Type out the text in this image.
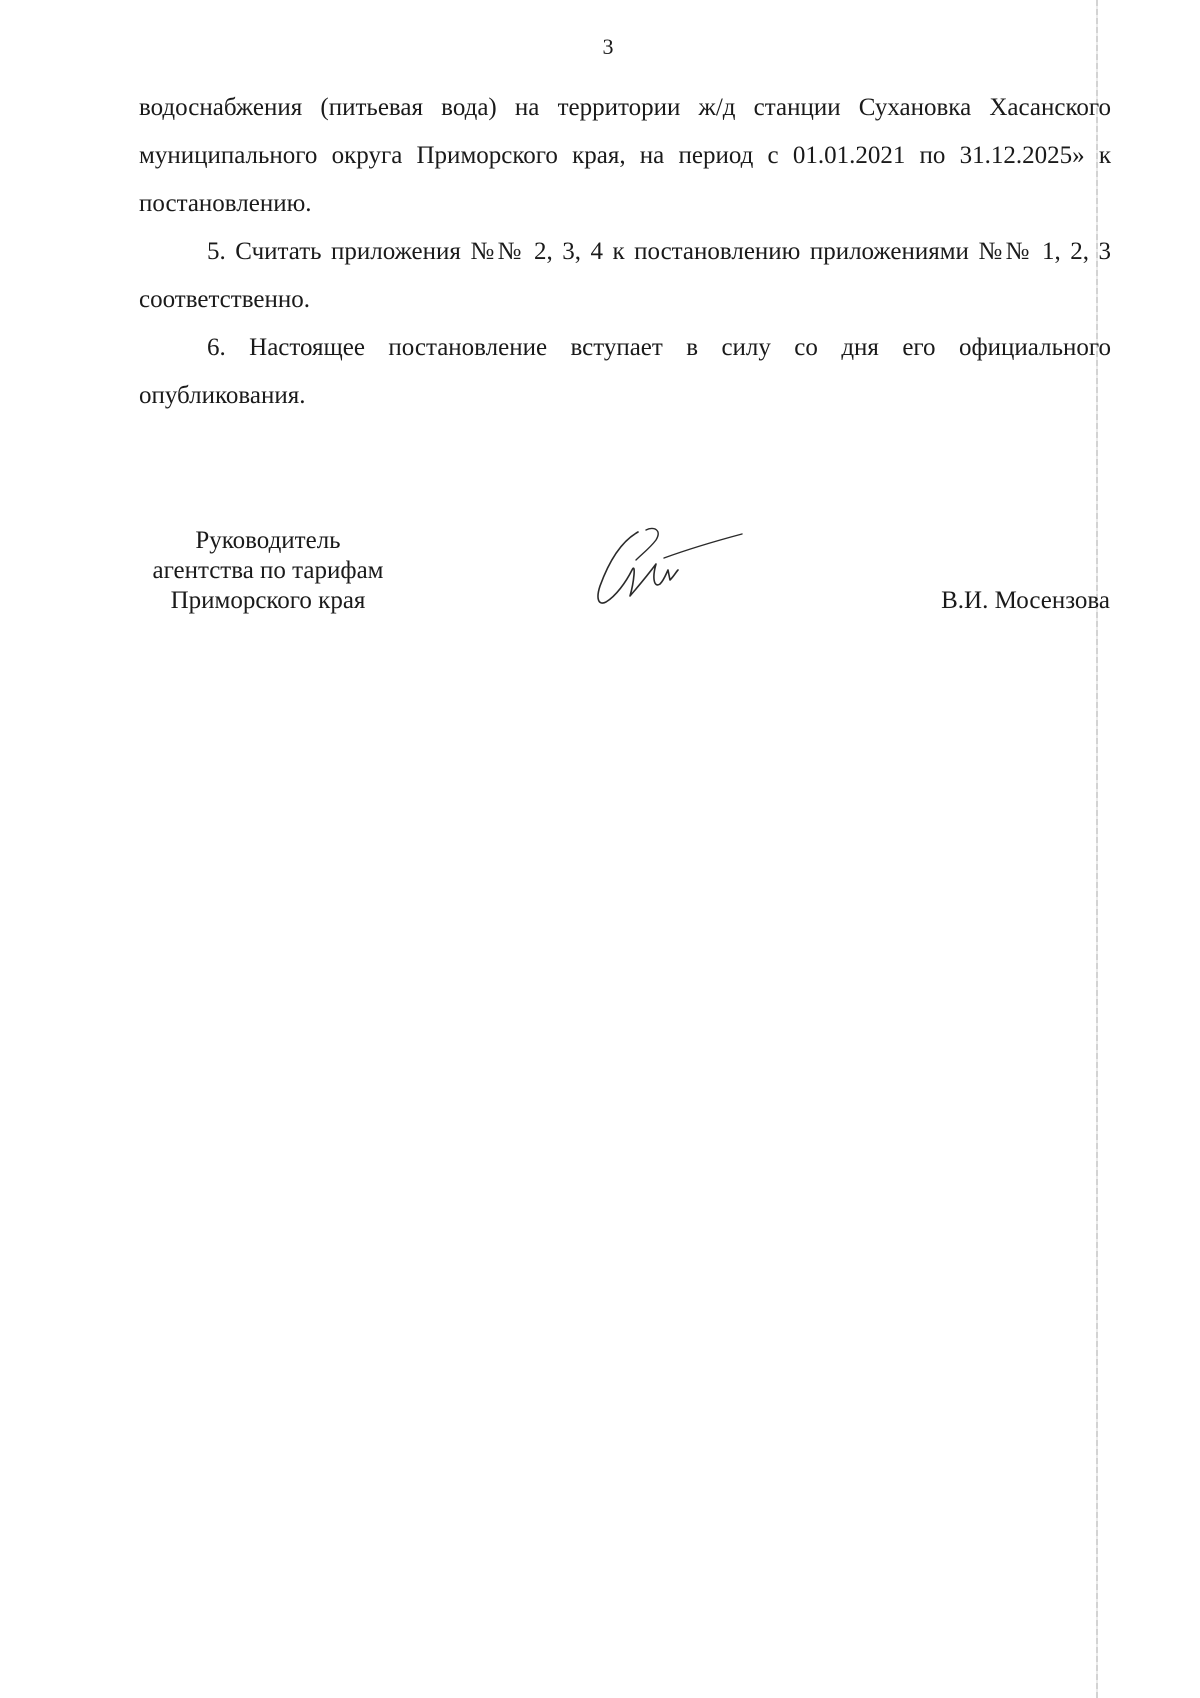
3

водоснабжения (питьевая вода) на территории ж/д станции Сухановка Хасанского муниципального округа Приморского края, на период с 01.01.2021 по 31.12.2025» к постановлению.

5. Считать приложения №№ 2, 3, 4 к постановлению приложениями №№ 1, 2, 3 соответственно.

6. Настоящее постановление вступает в силу со дня его официального опубликования.

Руководитель
агентства по тарифам
Приморского края	В.И. Мосензова
